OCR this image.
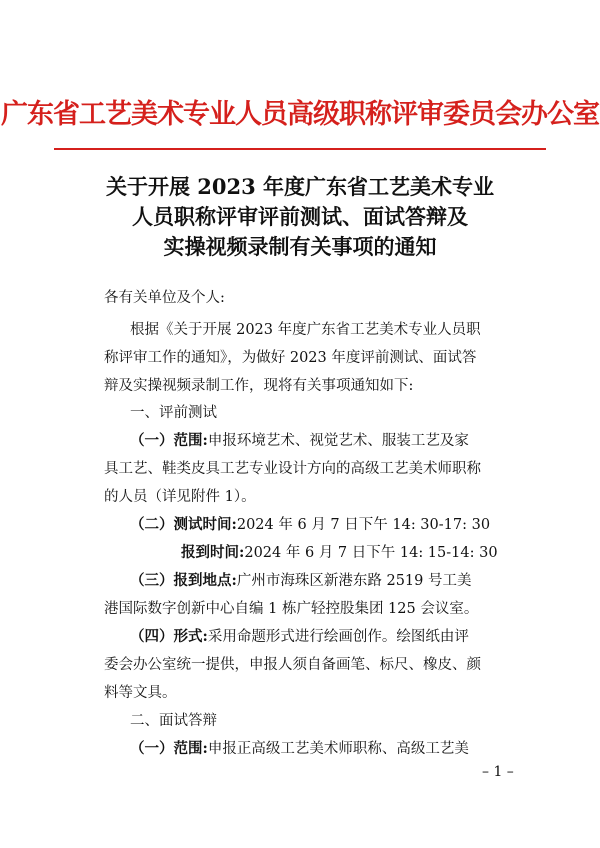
广东省工艺美术专业人员高级职称评审委员会办公室
关于开展 2023 年度广东省工艺美术专业
人员职称评审评前测试、面试答辩及
实操视频录制有关事项的通知
各有关单位及个人:
根据《关于开展 2023 年度广东省工艺美术专业人员职
称评审工作的通知》，为做好 2023 年度评前测试、面试答
辩及实操视频录制工作，现将有关事项通知如下:
一、评前测试
（一）范围:申报环境艺术、视觉艺术、服装工艺及家
具工艺、鞋类皮具工艺专业设计方向的高级工艺美术师职称
的人员（详见附件 1）。
（二）测试时间:2024 年 6 月 7 日下午 14: 30-17: 30
报到时间:2024 年 6 月 7 日下午 14: 15-14: 30
（三）报到地点:广州市海珠区新港东路 2519 号工美
港国际数字创新中心自编 1 栋广轻控股集团 125 会议室。
（四）形式:采用命题形式进行绘画创作。绘图纸由评
委会办公室统一提供，申报人须自备画笔、标尺、橡皮、颜
料等文具。
二、面试答辩
（一）范围:申报正高级工艺美术师职称、高级工艺美
– 1 –
